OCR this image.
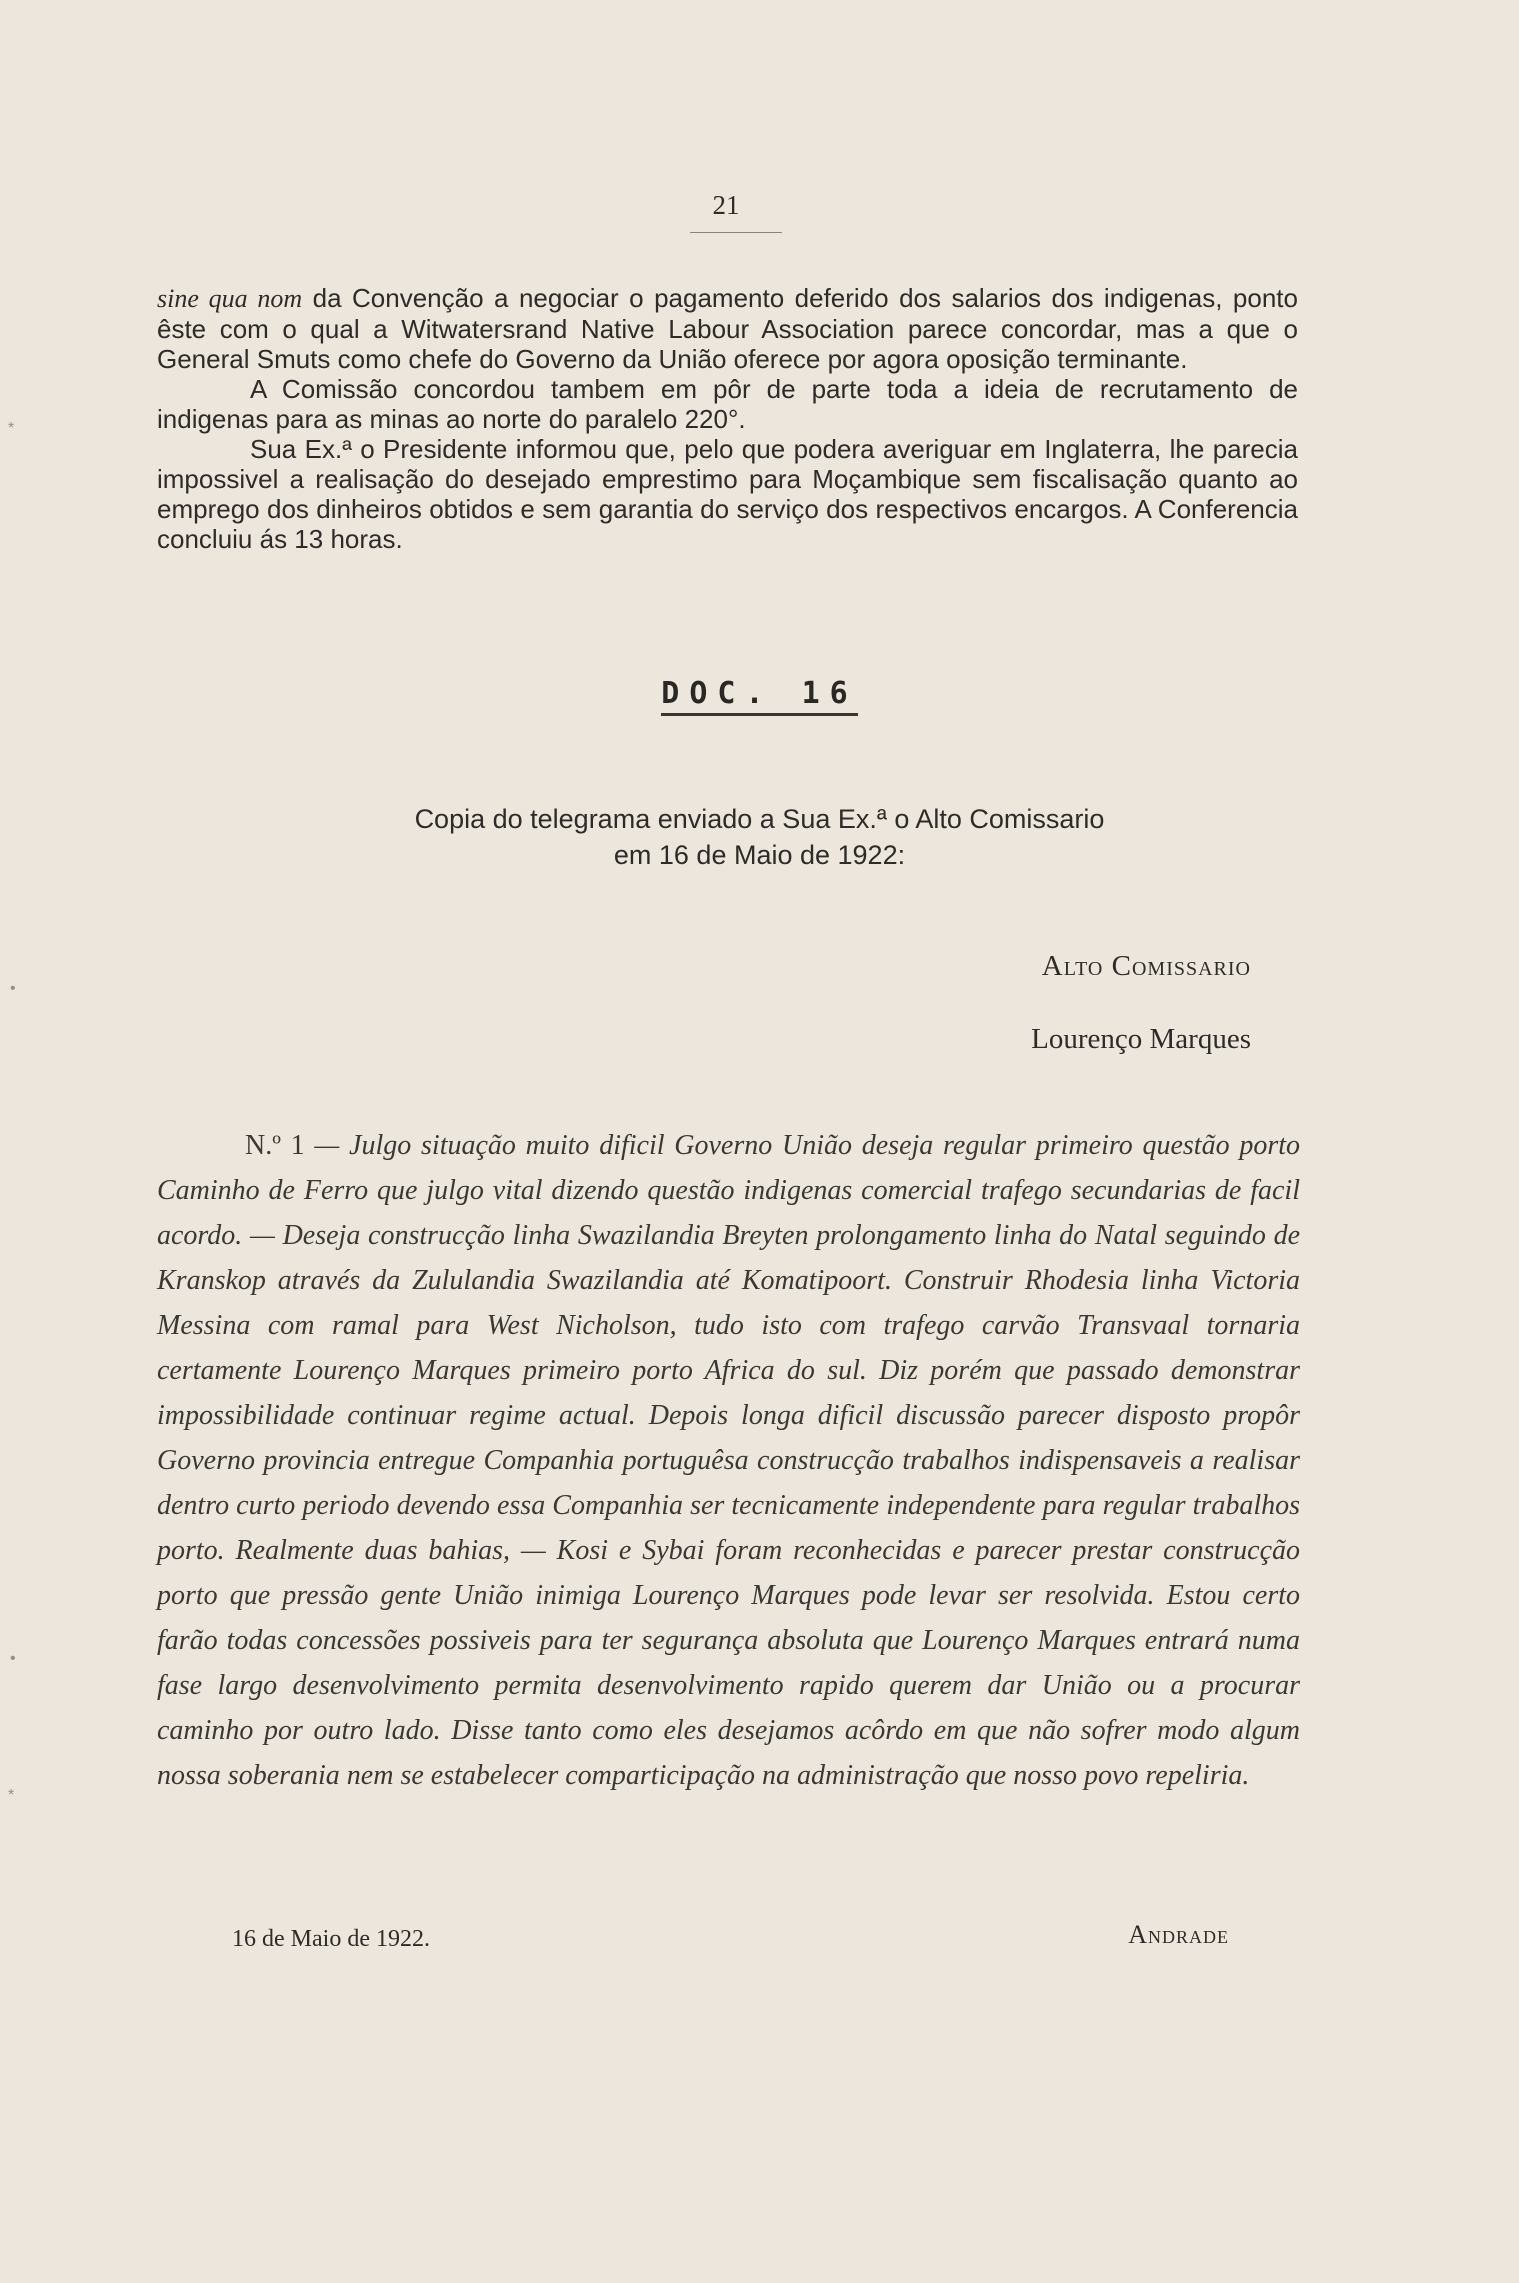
21

sine qua nom da Convenção a negociar o pagamento deferido dos salarios dos indigenas, ponto êste com o qual a Witwatersrand Native Labour Association parece concordar, mas a que o General Smuts como chefe do Governo da União oferece por agora oposição terminante.

A Comissão concordou tambem em pôr de parte toda a ideia de recrutamento de indigenas para as minas ao norte do paralelo 220°.

Sua Ex.ª o Presidente informou que, pelo que podera averiguar em Inglaterra, lhe parecia impossivel a realisação do desejado emprestimo para Moçambique sem fiscalisação quanto ao emprego dos dinheiros obtidos e sem garantia do serviço dos respectivos encargos. A Conferencia concluiu ás 13 horas.

DOC. 16
Copia do telegrama enviado a Sua Ex.ª o Alto Comissario
em 16 de Maio de 1922:
Alto Comissario
Lourenço Marques

N.º 1 — Julgo situação muito dificil Governo União deseja regular primeiro questão porto Caminho de Ferro que julgo vital dizendo questão indigenas comercial trafego secundarias de facil acordo. — Deseja construcção linha Swazilandia Breyten prolongamento linha do Natal seguindo de Kranskop através da Zululandia Swazilandia até Komatipoort. Construir Rhodesia linha Victoria Messina com ramal para West Nicholson, tudo isto com trafego carvão Transvaal tornaria certamente Lourenço Marques primeiro porto Africa do sul. Diz porém que passado demonstrar impossibilidade continuar regime actual. Depois longa dificil discussão parecer disposto propôr Governo provincia entregue Companhia portuguêsa construcção trabalhos indispensaveis a realisar dentro curto periodo devendo essa Companhia ser tecnicamente independente para regular trabalhos porto. Realmente duas bahias, — Kosi e Sybai foram reconhecidas e parecer prestar construcção porto que pressão gente União inimiga Lourenço Marques pode levar ser resolvida. Estou certo farão todas concessões possiveis para ter segurança absoluta que Lourenço Marques entrará numa fase largo desenvolvimento permita desenvolvimento rapido querem dar União ou a procurar caminho por outro lado. Disse tanto como eles desejamos acôrdo em que não sofrer modo algum nossa soberania nem se estabelecer comparticipação na administração que nosso povo repeliria.

16 de Maio de 1922.	Andrade
*
•
•
*
